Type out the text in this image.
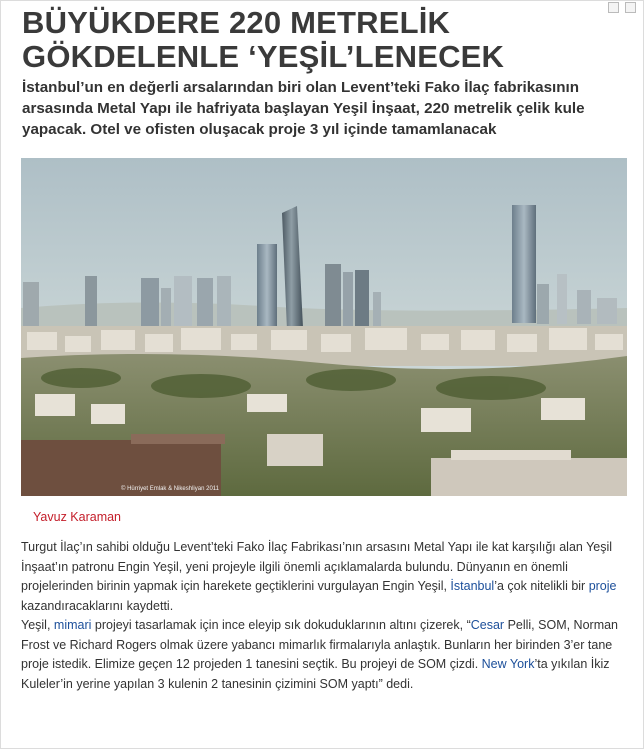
BÜYÜKDERE 220 METRELİK GÖKDELENLE ‘YEŞİL’LENECEK

İstanbul’un en değerli arsalarından biri olan Levent’teki Fako İlaç fabrikasının arsasında Metal Yapı ile hafriyata başlayan Yeşil İnşaat, 220 metrelik çelik kule yapacak. Otel ve ofisten oluşacak proje 3 yıl içinde tamamlanacak

© Hürriyet Emlak & Nikeshliyan 2011

Yavuz Karaman

Turgut İlaç’ın sahibi olduğu Levent’teki Fako İlaç Fabrikası’nın arsasını Metal Yapı ile kat karşılığı alan Yeşil İnşaat’ın patronu Engin Yeşil, yeni projeyle ilgili önemli açıklamalarda bulundu. Dünyanın en önemli projelerinden birinin yapmak için harekete geçtiklerini vurgulayan Engin Yeşil, İstanbul’a çok nitelikli bir proje kazandıracaklarını kaydetti.
Yeşil, mimari projeyi tasarlamak için ince eleyip sık dokuduklarının altını çizerek, “Cesar Pelli, SOM, Norman Frost ve Richard Rogers olmak üzere yabancı mimarlık firmalarıyla anlaştık. Bunların her birinden 3’er tane proje istedik. Elimize geçen 12 projeden 1 tanesini seçtik. Bu projeyi de SOM çizdi. New York’ta yıkılan İkiz Kuleler’in yerine yapılan 3 kulenin 2 tanesinin çizimini SOM yaptı” dedi.
